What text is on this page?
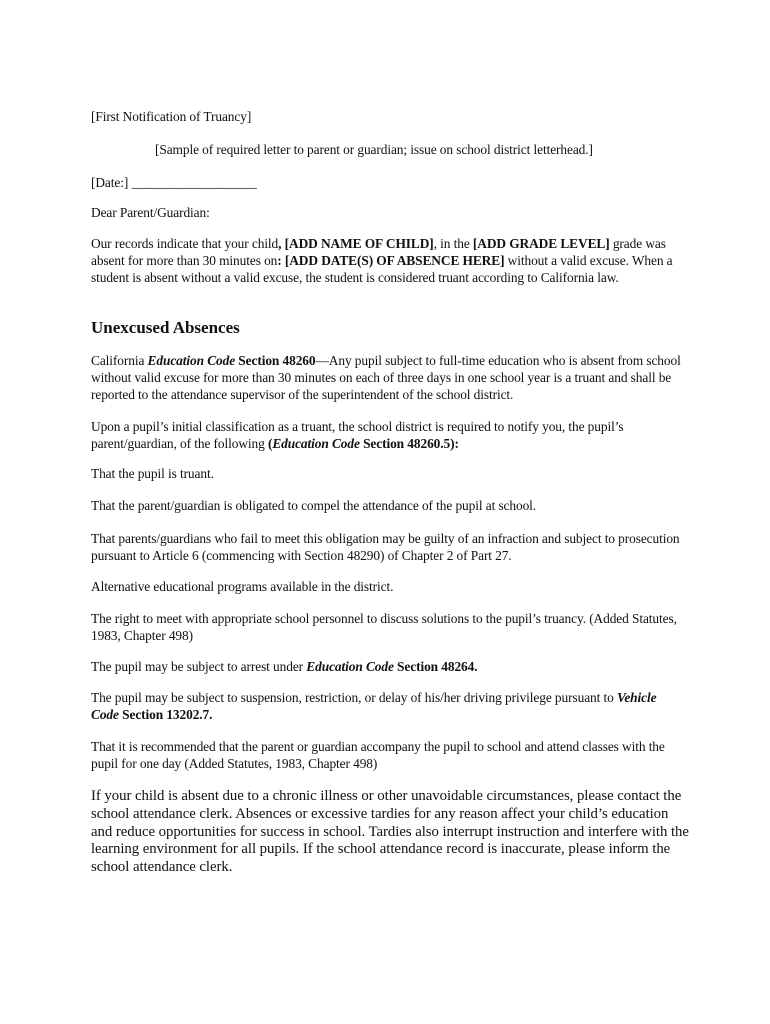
[First Notification of Truancy]
[Sample of required letter to parent or guardian; issue on school district letterhead.]
[Date:] ___________________
Dear Parent/Guardian:
Our records indicate that your child, [ADD NAME OF CHILD], in the [ADD GRADE LEVEL] grade was absent for more than 30 minutes on: [ADD DATE(S) OF ABSENCE HERE] without a valid excuse. When a student is absent without a valid excuse, the student is considered truant according to California law.
Unexcused Absences
California Education Code Section 48260—Any pupil subject to full-time education who is absent from school without valid excuse for more than 30 minutes on each of three days in one school year is a truant and shall be reported to the attendance supervisor of the superintendent of the school district.
Upon a pupil’s initial classification as a truant, the school district is required to notify you, the pupil’s parent/guardian, of the following (Education Code Section 48260.5):
That the pupil is truant.
That the parent/guardian is obligated to compel the attendance of the pupil at school.
That parents/guardians who fail to meet this obligation may be guilty of an infraction and subject to prosecution pursuant to Article 6 (commencing with Section 48290) of Chapter 2 of Part 27.
Alternative educational programs available in the district.
The right to meet with appropriate school personnel to discuss solutions to the pupil’s truancy. (Added Statutes, 1983, Chapter 498)
The pupil may be subject to arrest under Education Code Section 48264.
The pupil may be subject to suspension, restriction, or delay of his/her driving privilege pursuant to Vehicle Code Section 13202.7.
That it is recommended that the parent or guardian accompany the pupil to school and attend classes with the pupil for one day (Added Statutes, 1983, Chapter 498)
If your child is absent due to a chronic illness or other unavoidable circumstances, please contact the school attendance clerk. Absences or excessive tardies for any reason affect your child’s education and reduce opportunities for success in school. Tardies also interrupt instruction and interfere with the learning environment for all pupils. If the school attendance record is inaccurate, please inform the school attendance clerk.
